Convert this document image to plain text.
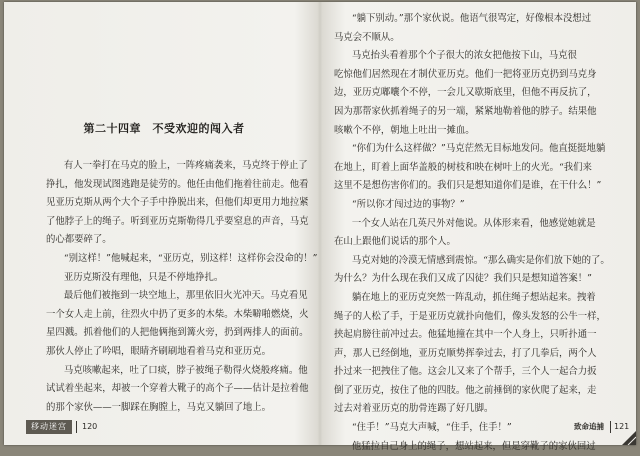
第二十四章　不受欢迎的闯入者

有人一拳打在马克的脸上，一阵疼痛袭来，马克终于停止了

挣扎，他发现试图逃跑是徒劳的。他任由他们拖着往前走。他看

见亚历克斯从两个大个子手中挣脱出来，但他们却更用力地拉紧

了他脖子上的绳子。听到亚历克斯勒得几乎要窒息的声音，马克

的心都要碎了。

“别这样！”他喊起来，“亚历克，别这样！这样你会没命的！”

亚历克斯没有理他，只是不停地挣扎。

最后他们被拖到一块空地上，那里依旧火光冲天。马克看见

一个女人走上前，往烈火中扔了更多的木柴。木柴噼啪燃烧，火

星四溅。抓着他们的人把他俩拖到篝火旁，扔到两排人的面前。

那伙人停止了吟唱，眼睛齐刷刷地看着马克和亚历克。

马克咳嗽起来，吐了口痰，脖子被绳子勒得火烧般疼痛。他

试试着坐起来，却被一个穿着大靴子的高个子——估计是拉着他

的那个家伙——一脚踩在胸膛上，马克又躺回了地上。

移动迷宫	120

“躺下别动。”那个家伙说。他语气很骂定，好像根本没想过

马克会不顺从。

马克抬头看着那个个子很大的浓女把他按下山，马克很

吃惊他们居然现在才制伏亚历克。他们一把将亚历克扔到马克身

边，亚历克嘟囔个不停，一会儿又歇斯底里，但他不再反抗了，

因为那帮家伙抓着绳子的另一端，紧紧地勒着他的脖子。结果他

咳嗽个不停，朝地上吐出一摊血。

“你们为什么这样做？”马克茫然无目标地发问。他直挺挺地躺

在地上，盯着上面华盖般的树枝和映在树叶上的火光。“我们来

这里不是想伤害你们的。我们只是想知道你们是谁，在干什么！”

“所以你才闯过边的事物？”

一个女人站在几英尺外对他说。从体形来看，他感觉她就是

在山上跟他们说话的那个人。

马克对她的冷漠无情感到震惊。“那么确实是你们放下她的了。

为什么？为什么现在我们又成了囚徒？我们只是想知道答案！”

躺在地上的亚历克突然一阵乱动，抓住绳子想站起来。拽着

绳子的人松了手，于是亚历克就扑向他们，像头发怒的公牛一样，

挟起肩膀往前冲过去。他猛地撞在其中一个人身上，只听扑通一

声，那人已经倒地，亚历克顺势挥拳过去，打了几拳后，两个人

扑过来一把拽住了他。这会儿又来了个帮手，三个人一起合力扳

倒了亚历克，按住了他的四肢。他之前捶倒的家伙爬了起来，走

过去对着亚历克的肋骨连踢了好几脚。

“住手！”马克大声喊，“住手，住手！”

他猛拉自己身上的绳子，想站起来，但是穿靴子的家伙回过

致命追捕 121
